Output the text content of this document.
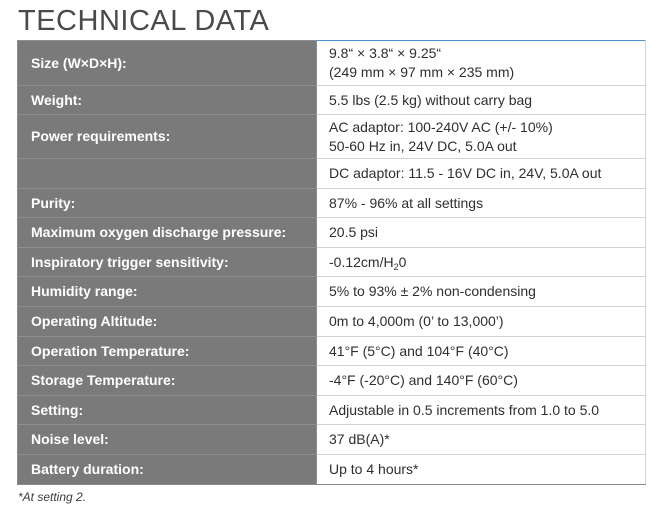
TECHNICAL DATA
Size (W×D×H):	9.8“ × 3.8“ × 9.25“
(249 mm × 97 mm × 235 mm)

Weight:	5.5 lbs (2.5 kg) without carry bag

Power requirements:	AC adaptor: 100-240V AC (+/- 10%)
50-60 Hz in, 24V DC, 5.0A out

	DC adaptor: 11.5 - 16V DC in, 24V, 5.0A out

Purity:	87% - 96% at all settings

Maximum oxygen discharge pressure:	20.5 psi

Inspiratory trigger sensitivity:	$-0.12cm/H_20$

Humidity range:	5% to 93% ± 2% non-condensing

Operating Altitude:	0m to 4,000m (0’ to 13,000’)

Operation Temperature:	41°F (5°C) and 104°F (40°C)

Storage Temperature:	-4°F (-20°C) and 140°F (60°C)

Setting:	Adjustable in 0.5 increments from 1.0 to 5.0

Noise level:	37 dB(A)*

Battery duration:	Up to 4 hours*

*At setting 2.
